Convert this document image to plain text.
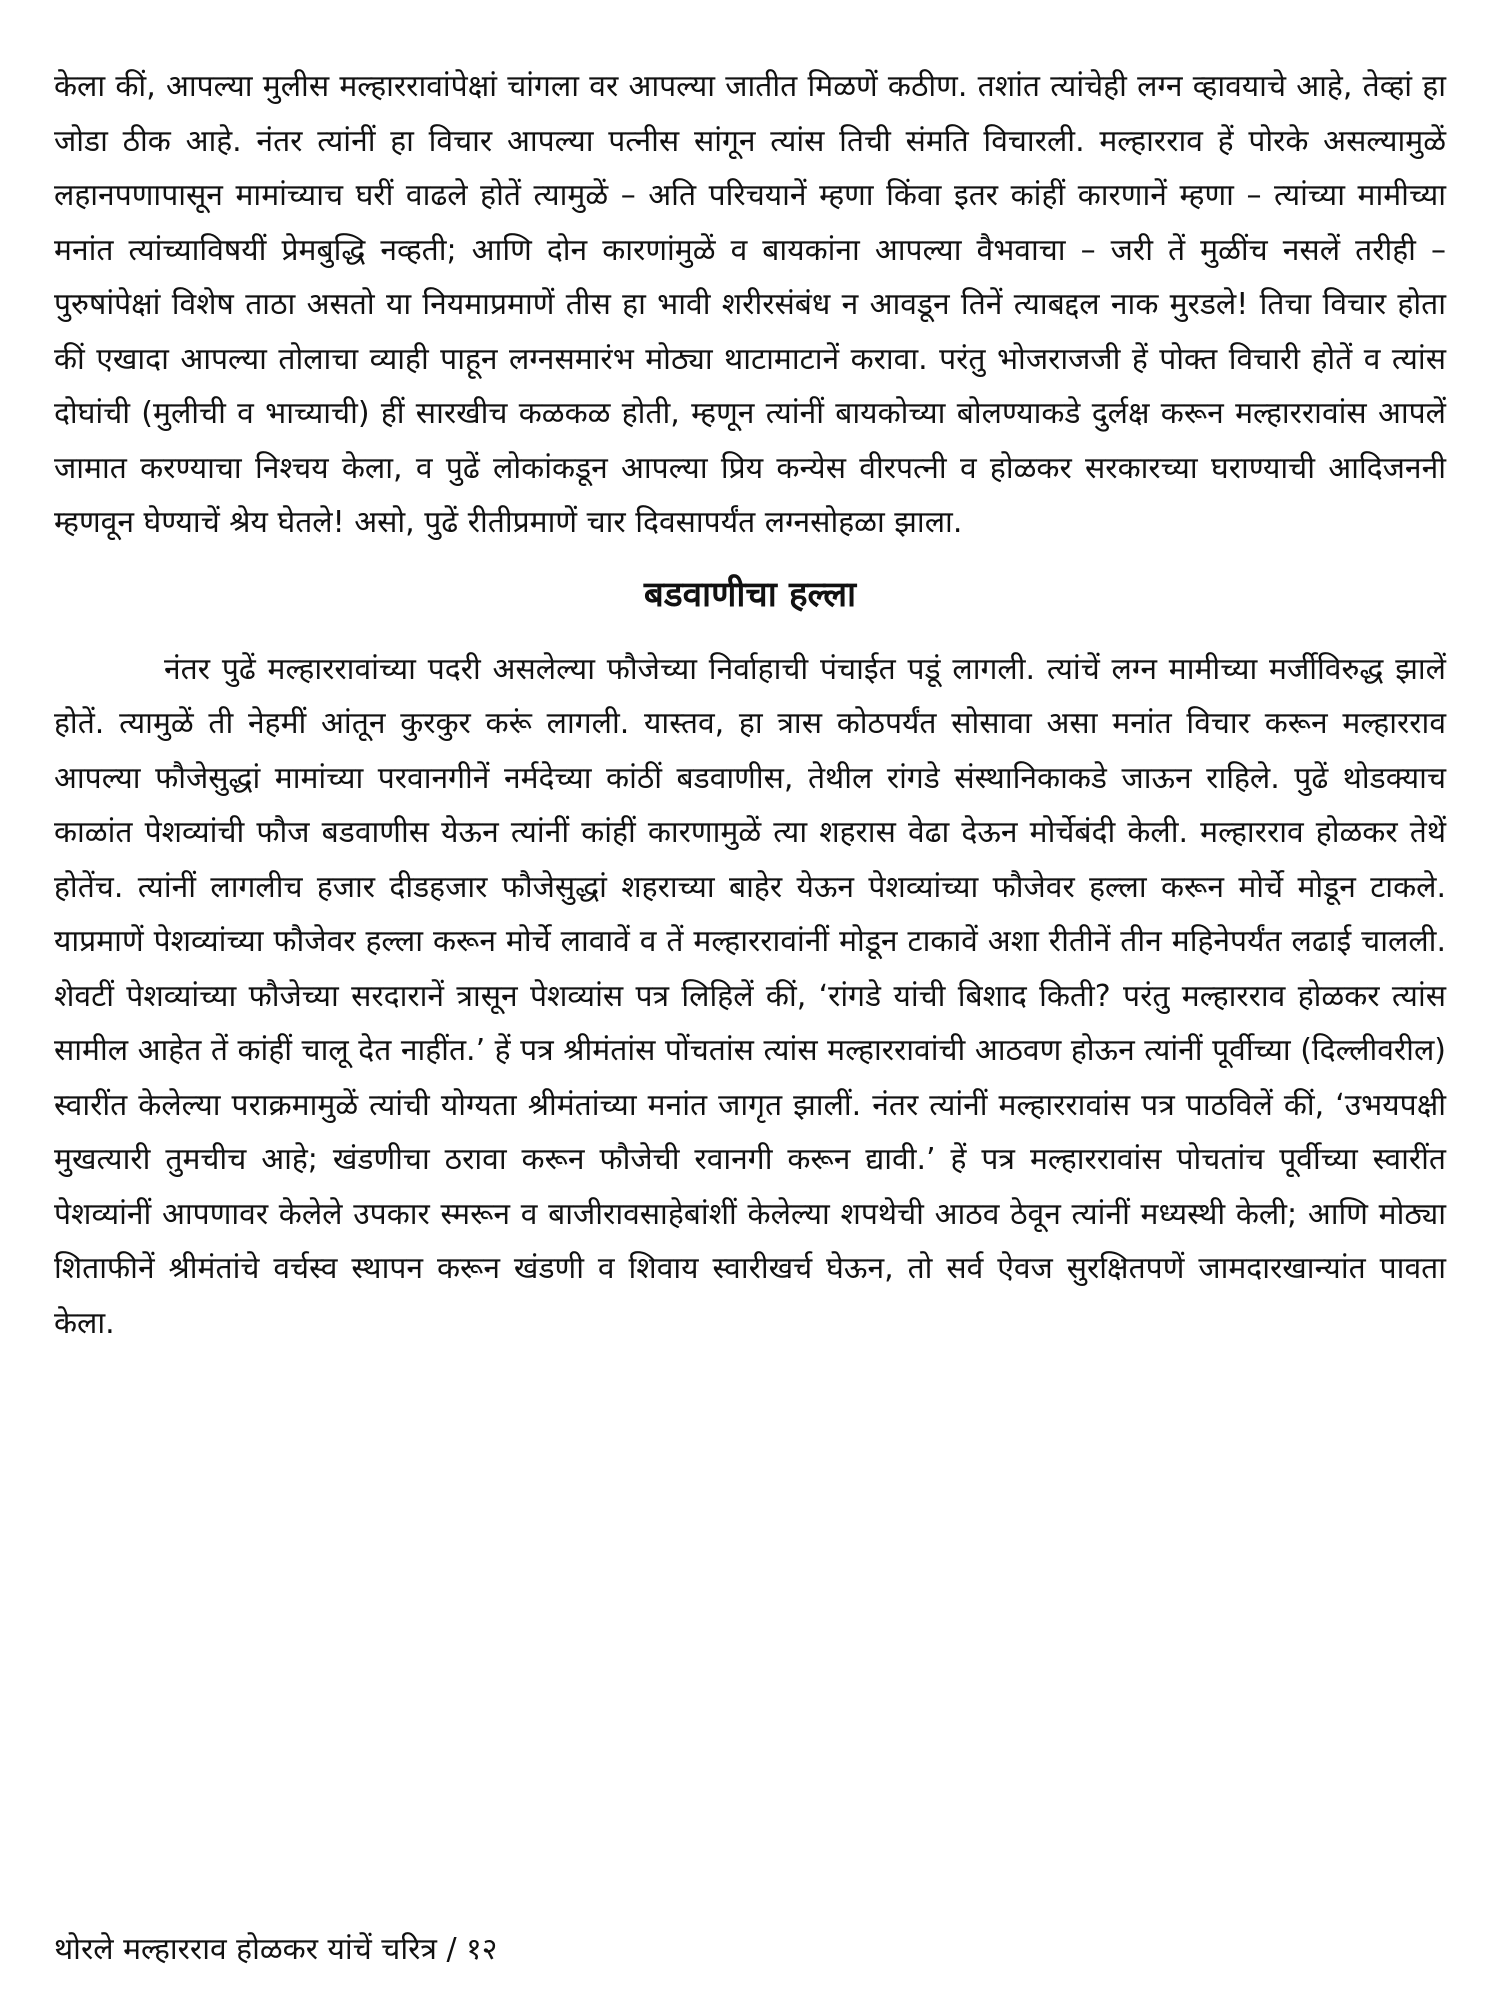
केला कीं, आपल्या मुलीस मल्हाररावांपेक्षां चांगला वर आपल्या जातीत मिळणें कठीण. तशांत त्यांचेही लग्न व्हावयाचे आहे, तेव्हां हा जोडा ठीक आहे. नंतर त्यांनीं हा विचार आपल्या पत्नीस सांगून त्यांस तिची संमति विचारली. मल्हारराव हें पोरके असल्यामुळें लहानपणापासून मामांच्याच घरीं वाढले होतें त्यामुळें – अति परिचयानें म्हणा किंवा इतर कांहीं कारणानें म्हणा – त्यांच्या मामीच्या मनांत त्यांच्याविषयीं प्रेमबुद्धि नव्हती; आणि दोन कारणांमुळें व बायकांना आपल्या वैभवाचा – जरी तें मुळींच नसलें तरीही – पुरुषांपेक्षां विशेष ताठा असतो या नियमाप्रमाणें तीस हा भावी शरीरसंबंध न आवडून तिनें त्याबद्दल नाक मुरडले! तिचा विचार होता कीं एखादा आपल्या तोलाचा व्याही पाहून लग्नसमारंभ मोठ्या थाटामाटानें करावा. परंतु भोजराजजी हें पोक्त विचारी होतें व त्यांस दोघांची (मुलीची व भाच्याची) हीं सारखीच कळकळ होती, म्हणून त्यांनीं बायकोच्या बोलण्याकडे दुर्लक्ष करून मल्हाररावांस आपलें जामात करण्याचा निश्चय केला, व पुढें लोकांकडून आपल्या प्रिय कन्येस वीरपत्नी व होळकर सरकारच्या घराण्याची आदिजननी म्हणवून घेण्याचें श्रेय घेतले! असो, पुढें रीतीप्रमाणें चार दिवसापर्यंत लग्नसोहळा झाला.

बडवाणीचा हल्ला

नंतर पुढें मल्हाररावांच्या पदरी असलेल्या फौजेच्या निर्वाहाची पंचाईत पडूं लागली. त्यांचें लग्न मामीच्या मर्जीविरुद्ध झालें होतें. त्यामुळें ती नेहमीं आंतून कुरकुर करूं लागली. यास्तव, हा त्रास कोठपर्यंत सोसावा असा मनांत विचार करून मल्हारराव आपल्या फौजेसुद्धां मामांच्या परवानगीनें नर्मदेच्या कांठीं बडवाणीस, तेथील रांगडे संस्थानिकाकडे जाऊन राहिले. पुढें थोडक्याच काळांत पेशव्यांची फौज बडवाणीस येऊन त्यांनीं कांहीं कारणामुळें त्या शहरास वेढा देऊन मोर्चेबंदी केली. मल्हारराव होळकर तेथें होतेंच. त्यांनीं लागलीच हजार दीडहजार फौजेसुद्धां शहराच्या बाहेर येऊन पेशव्यांच्या फौजेवर हल्ला करून मोर्चे मोडून टाकले. याप्रमाणें पेशव्यांच्या फौजेवर हल्ला करून मोर्चे लावावें व तें मल्हाररावांनीं मोडून टाकावें अशा रीतीनें तीन महिनेपर्यंत लढाई चालली. शेवटीं पेशव्यांच्या फौजेच्या सरदारानें त्रासून पेशव्यांस पत्र लिहिलें कीं, ‘रांगडे यांची बिशाद किती? परंतु मल्हारराव होळकर त्यांस सामील आहेत तें कांहीं चालू देत नाहींत.’ हें पत्र श्रीमंतांस पोंचतांस त्यांस मल्हाररावांची आठवण होऊन त्यांनीं पूर्वीच्या (दिल्लीवरील) स्वारींत केलेल्या पराक्रमामुळें त्यांची योग्यता श्रीमंतांच्या मनांत जागृत झालीं. नंतर त्यांनीं मल्हाररावांस पत्र पाठविलें कीं, ‘उभयपक्षी मुखत्यारी तुमचीच आहे; खंडणीचा ठरावा करून फौजेची रवानगी करून द्यावी.’ हें पत्र मल्हाररावांस पोचतांच पूर्वीच्या स्वारींत पेशव्यांनीं आपणावर केलेले उपकार स्मरून व बाजीरावसाहेबांशीं केलेल्या शपथेची आठव ठेवून त्यांनीं मध्यस्थी केली; आणि मोठ्या शिताफीनें श्रीमंतांचे वर्चस्व स्थापन करून खंडणी व शिवाय स्वारीखर्च घेऊन, तो सर्व ऐवज सुरक्षितपणें जामदारखान्यांत पावता केला.

थोरले मल्हारराव होळकर यांचें चरित्र / १२
